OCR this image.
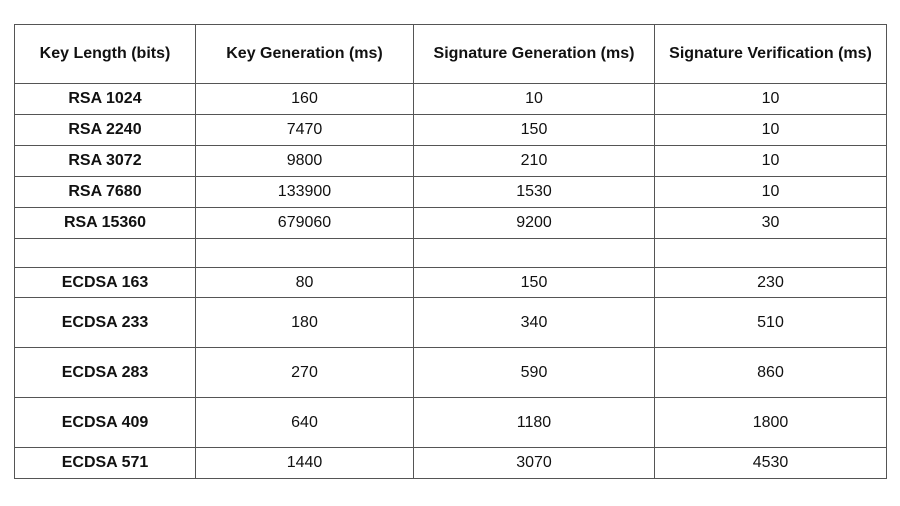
Key Length (bits)	Key Generation (ms)	Signature Generation (ms)	Signature Verification (ms)
RSA 1024	160	10	10
RSA 2240	7470	150	10
RSA 3072	9800	210	10
RSA 7680	133900	1530	10
RSA 15360	679060	9200	30

ECDSA 163	80	150	230
ECDSA 233	180	340	510
ECDSA 283	270	590	860
ECDSA 409	640	1180	1800
ECDSA 571	1440	3070	4530
